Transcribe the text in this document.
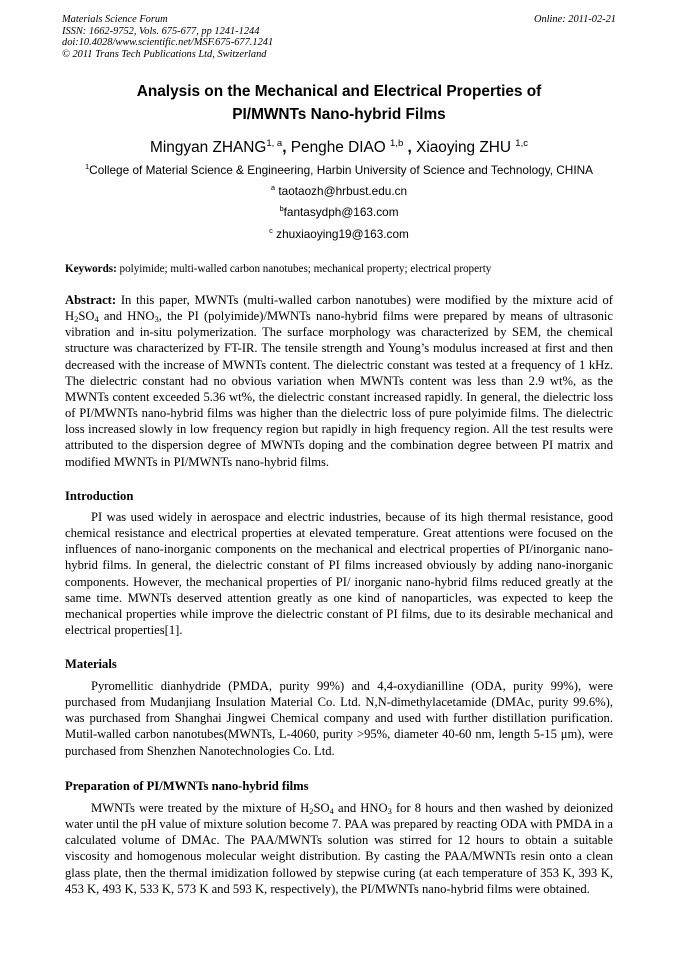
Materials Science Forum
ISSN: 1662-9752, Vols. 675-677, pp 1241-1244
doi:10.4028/www.scientific.net/MSF.675-677.1241
© 2011 Trans Tech Publications Ltd, Switzerland
Online: 2011-02-21
Analysis on the Mechanical and Electrical Properties of
PI/MWNTs Nano-hybrid Films
Mingyan ZHANG$^{1, a}$, Penghe DIAO $^{1,b}$ , Xiaoying ZHU $^{1,c}$
$^1$College of Material Science & Engineering, Harbin University of Science and Technology, CHINA
$^a$ taotaozh@hrbust.edu.cn
$^b$fantasydph@163.com
$^c$ zhuxiaoying19@163.com
Keywords: polyimide; multi-walled carbon nanotubes; mechanical property; electrical property
Abstract: In this paper, MWNTs (multi-walled carbon nanotubes) were modified by the mixture acid of $H_2SO_4$ and $HNO_3$, the PI (polyimide)/MWNTs nano-hybrid films were prepared by means of ultrasonic vibration and in-situ polymerization. The surface morphology was characterized by SEM, the chemical structure was characterized by FT-IR. The tensile strength and Young’s modulus increased at first and then decreased with the increase of MWNTs content. The dielectric constant was tested at a frequency of 1 kHz. The dielectric constant had no obvious variation when MWNTs content was less than 2.9 wt%, as the MWNTs content exceeded 5.36 wt%, the dielectric constant increased rapidly. In general, the dielectric loss of PI/MWNTs nano-hybrid films was higher than the dielectric loss of pure polyimide films. The dielectric loss increased slowly in low frequency region but rapidly in high frequency region. All the test results were attributed to the dispersion degree of MWNTs doping and the combination degree between PI matrix and modified MWNTs in PI/MWNTs nano-hybrid films.
Introduction
PI was used widely in aerospace and electric industries, because of its high thermal resistance, good chemical resistance and electrical properties at elevated temperature. Great attentions were focused on the influences of nano-inorganic components on the mechanical and electrical properties of PI/inorganic nano-hybrid films. In general, the dielectric constant of PI films increased obviously by adding nano-inorganic components. However, the mechanical properties of PI/ inorganic nano-hybrid films reduced greatly at the same time. MWNTs deserved attention greatly as one kind of nanoparticles, was expected to keep the mechanical properties while improve the dielectric constant of PI films, due to its desirable mechanical and electrical properties[1].
Materials
Pyromellitic dianhydride (PMDA, purity 99%) and 4,4-oxydianilline (ODA, purity 99%), were purchased from Mudanjiang Insulation Material Co. Ltd. N,N-dimethylacetamide (DMAc, purity 99.6%), was purchased from Shanghai Jingwei Chemical company and used with further distillation purification. Mutil-walled carbon nanotubes(MWNTs, L-4060, purity >95%, diameter 40-60 nm, length 5-15 μm), were purchased from Shenzhen Nanotechnologies Co. Ltd.
Preparation of PI/MWNTs nano-hybrid films
MWNTs were treated by the mixture of $H_2SO_4$ and $HNO_3$ for 8 hours and then washed by deionized water until the pH value of mixture solution become 7. PAA was prepared by reacting ODA with PMDA in a calculated volume of DMAc. The PAA/MWNTs solution was stirred for 12 hours to obtain a suitable viscosity and homogenous molecular weight distribution. By casting the PAA/MWNTs resin onto a clean glass plate, then the thermal imidization followed by stepwise curing (at each temperature of 353 K, 393 K, 453 K, 493 K, 533 K, 573 K and 593 K, respectively), the PI/MWNTs nano-hybrid films were obtained.
